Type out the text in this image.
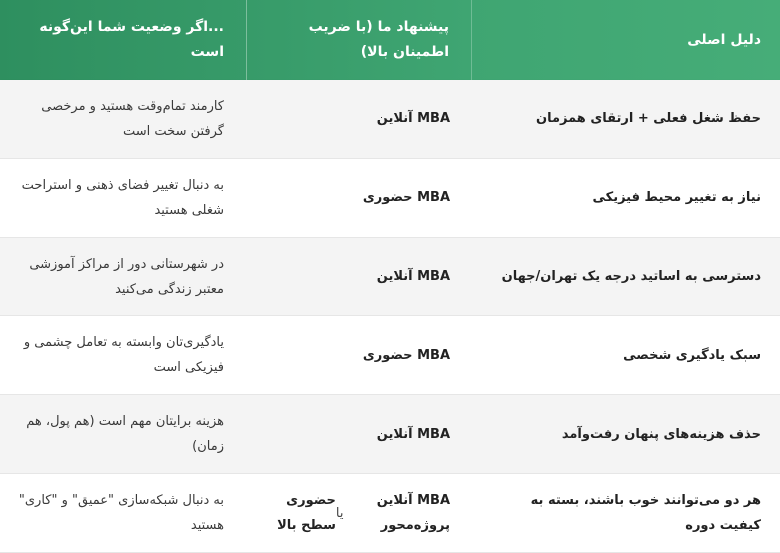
دلیل اصلی
پیشنهاد ما (با ضریب اطمینان بالا)
...اگر وضعیت شما این‌گونه است
حفظ شغل فعلی + ارتقای همزمان
MBA آنلاین
کارمند تمام‌وقت هستید و مرخصی گرفتن سخت است
نیاز به تغییر محیط فیزیکی
MBA حضوری
به دنبال تغییر فضای ذهنی و استراحت شغلی هستید
دسترسی به اساتید درجه یک تهران/جهان
MBA آنلاین
در شهرستانی دور از مراکز آموزشی معتبر زندگی می‌کنید
سبک یادگیری شخصی
MBA حضوری
یادگیری‌تان وابسته به تعامل چشمی و فیزیکی است
حذف هزینه‌های پنهان رفت‌وآمد
MBA آنلاین
هزینه برایتان مهم است (هم پول، هم زمان)
هر دو می‌توانند خوب باشند، بسته به کیفیت دوره
MBA آنلاین پروژه‌محور
یا
حضوری سطح بالا
به دنبال شبکه‌سازی "عمیق" و "کاری" هستید
